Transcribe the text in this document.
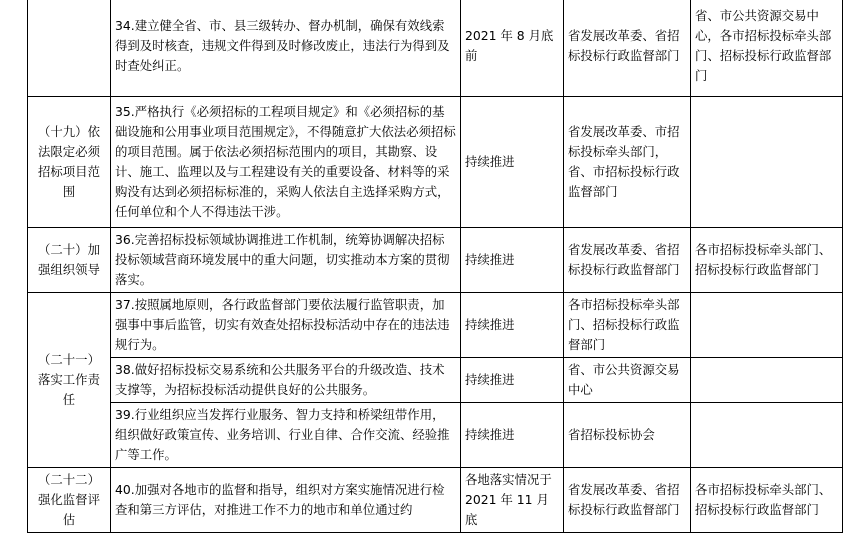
	34.建立健全省、市、县三级转办、督办机制，确保有效线索得到及时核查，违规文件得到及时修改废止，违法行为得到及时查处纠正。	2021 年 8 月底前	省发展改革委、省招标投标行政监督部门	省、市公共资源交易中心，各市招标投标牵头部门、招标投标行政监督部门
（十九）依法限定必须招标项目范围	35.严格执行《必须招标的工程项目规定》和《必须招标的基础设施和公用事业项目范围规定》，不得随意扩大依法必须招标的项目范围。属于依法必须招标范围内的项目，其勘察、设计、施工、监理以及与工程建设有关的重要设备、材料等的采购没有达到必须招标标准的，采购人依法自主选择采购方式，任何单位和个人不得违法干涉。	持续推进	省发展改革委、市招标投标牵头部门，省、市招标投标行政监督部门	
（二十）加强组织领导	36.完善招标投标领域协调推进工作机制，统筹协调解决招标投标领域营商环境发展中的重大问题，切实推动本方案的贯彻落实。	持续推进	省发展改革委、省招标投标行政监督部门	各市招标投标牵头部门、招标投标行政监督部门
（二十一）落实工作责任	37.按照属地原则，各行政监督部门要依法履行监管职责，加强事中事后监管，切实有效查处招标投标活动中存在的违法违规行为。	持续推进	各市招标投标牵头部门、招标投标行政监督部门	
	38.做好招标投标交易系统和公共服务平台的升级改造、技术支撑等，为招标投标活动提供良好的公共服务。	持续推进	省、市公共资源交易中心	
	39.行业组织应当发挥行业服务、智力支持和桥梁纽带作用，组织做好政策宣传、业务培训、行业自律、合作交流、经验推广等工作。	持续推进	省招标投标协会	
（二十二）强化监督评估	40.加强对各地市的监督和指导，组织对方案实施情况进行检查和第三方评估，对推进工作不力的地市和单位通过约	各地落实情况于 2021 年 11 月底	省发展改革委、省招标投标行政监督部门	各市招标投标牵头部门、招标投标行政监督部门
